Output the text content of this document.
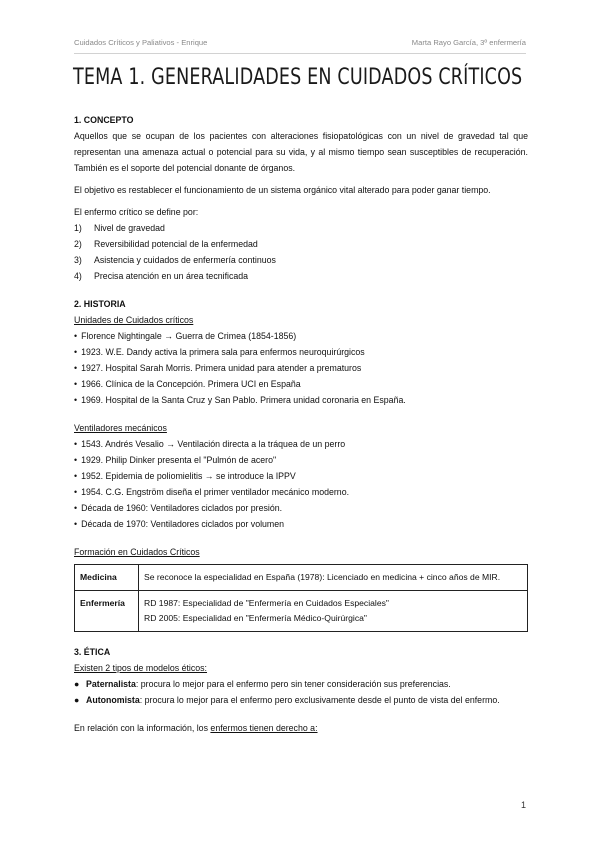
Cuidados Críticos y Paliativos - Enrique	Marta Rayo García, 3º enfermería
TEMA 1. GENERALIDADES EN CUIDADOS CRÍTICOS
1. CONCEPTO
Aquellos que se ocupan de los pacientes con alteraciones fisiopatológicas con un nivel de gravedad tal que representan una amenaza actual o potencial para su vida, y al mismo tiempo sean susceptibles de recuperación. También es el soporte del potencial donante de órganos.
El objetivo es restablecer el funcionamiento de un sistema orgánico vital alterado para poder ganar tiempo.
El enfermo crítico se define por:
1)	Nivel de gravedad
2)	Reversibilidad potencial de la enfermedad
3)	Asistencia y cuidados de enfermería continuos
4)	Precisa atención en un área tecnificada
2. HISTORIA
Unidades de Cuidados críticos
• Florence Nightingale → Guerra de Crimea (1854-1856)
• 1923. W.E. Dandy activa la primera sala para enfermos neuroquirúrgicos
• 1927. Hospital Sarah Morris. Primera unidad para atender a prematuros
• 1966. Clínica de la Concepción. Primera UCI en España
• 1969. Hospital de la Santa Cruz y San Pablo. Primera unidad coronaria en España.
Ventiladores mecánicos
• 1543. Andrés Vesalio → Ventilación directa a la tráquea de un perro
• 1929. Philip Dinker presenta el "Pulmón de acero"
• 1952. Epidemia de poliomielitis → se introduce la IPPV
• 1954. C.G. Engström diseña el primer ventilador mecánico moderno.
• Década de 1960: Ventiladores ciclados por presión.
• Década de 1970: Ventiladores ciclados por volumen
Formación en Cuidados Críticos
Medicina	Se reconoce la especialidad en España (1978): Licenciado en medicina + cinco años de MIR.
Enfermería	RD 1987: Especialidad de "Enfermería en Cuidados Especiales"
RD 2005: Especialidad en "Enfermería Médico-Quirúrgica"
3. ÉTICA
Existen 2 tipos de modelos éticos:
● Paternalista: procura lo mejor para el enfermo pero sin tener consideración sus preferencias.
● Autonomista: procura lo mejor para el enfermo pero exclusivamente desde el punto de vista del enfermo.
En relación con la información, los enfermos tienen derecho a:
1
